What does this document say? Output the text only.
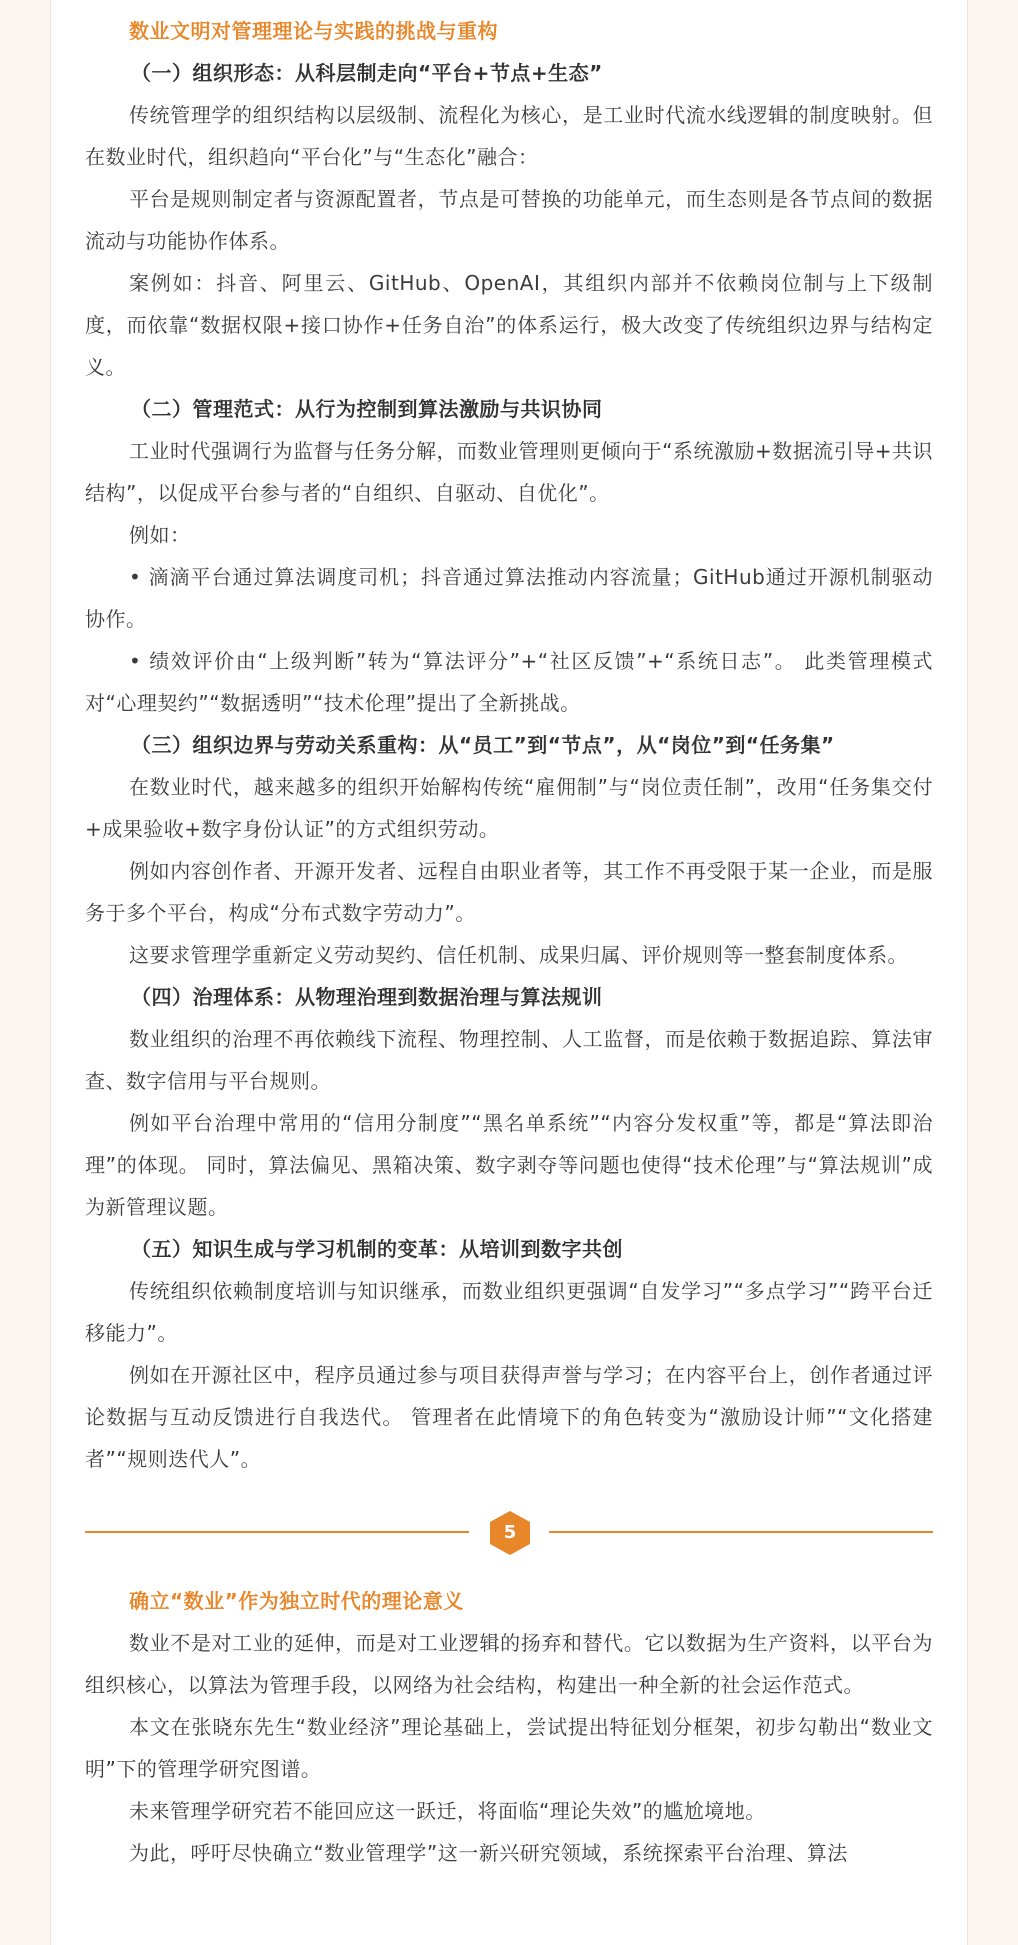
数业文明对管理理论与实践的挑战与重构

（一）组织形态：从科层制走向“平台+节点+生态”

传统管理学的组织结构以层级制、流程化为核心，是工业时代流水线逻辑的制度映射。但在数业时代，组织趋向“平台化”与“生态化”融合：

平台是规则制定者与资源配置者，节点是可替换的功能单元，而生态则是各节点间的数据流动与功能协作体系。

案例如：抖音、阿里云、GitHub、OpenAI，其组织内部并不依赖岗位制与上下级制度，而依靠“数据权限+接口协作+任务自治”的体系运行，极大改变了传统组织边界与结构定义。

（二）管理范式：从行为控制到算法激励与共识协同

工业时代强调行为监督与任务分解，而数业管理则更倾向于“系统激励+数据流引导+共识结构”，以促成平台参与者的“自组织、自驱动、自优化”。

例如：

• 滴滴平台通过算法调度司机；抖音通过算法推动内容流量；GitHub通过开源机制驱动协作。

• 绩效评价由“上级判断”转为“算法评分”+“社区反馈”+“系统日志”。 此类管理模式对“心理契约”“数据透明”“技术伦理”提出了全新挑战。

（三）组织边界与劳动关系重构：从“员工”到“节点”，从“岗位”到“任务集”

在数业时代，越来越多的组织开始解构传统“雇佣制”与“岗位责任制”，改用“任务集交付+成果验收+数字身份认证”的方式组织劳动。

例如内容创作者、开源开发者、远程自由职业者等，其工作不再受限于某一企业，而是服务于多个平台，构成“分布式数字劳动力”。

这要求管理学重新定义劳动契约、信任机制、成果归属、评价规则等一整套制度体系。

（四）治理体系：从物理治理到数据治理与算法规训

数业组织的治理不再依赖线下流程、物理控制、人工监督，而是依赖于数据追踪、算法审查、数字信用与平台规则。

例如平台治理中常用的“信用分制度”“黑名单系统”“内容分发权重”等，都是“算法即治理”的体现。 同时，算法偏见、黑箱决策、数字剥夺等问题也使得“技术伦理”与“算法规训”成为新管理议题。

（五）知识生成与学习机制的变革：从培训到数字共创

传统组织依赖制度培训与知识继承，而数业组织更强调“自发学习”“多点学习”“跨平台迁移能力”。

例如在开源社区中，程序员通过参与项目获得声誉与学习；在内容平台上，创作者通过评论数据与互动反馈进行自我迭代。 管理者在此情境下的角色转变为“激励设计师”“文化搭建者”“规则迭代人”。

5

确立“数业”作为独立时代的理论意义

数业不是对工业的延伸，而是对工业逻辑的扬弃和替代。它以数据为生产资料，以平台为组织核心，以算法为管理手段，以网络为社会结构，构建出一种全新的社会运作范式。

本文在张晓东先生“数业经济”理论基础上，尝试提出特征划分框架，初步勾勒出“数业文明”下的管理学研究图谱。

未来管理学研究若不能回应这一跃迁，将面临“理论失效”的尴尬境地。

为此，呼吁尽快确立“数业管理学”这一新兴研究领域，系统探索平台治理、算法
